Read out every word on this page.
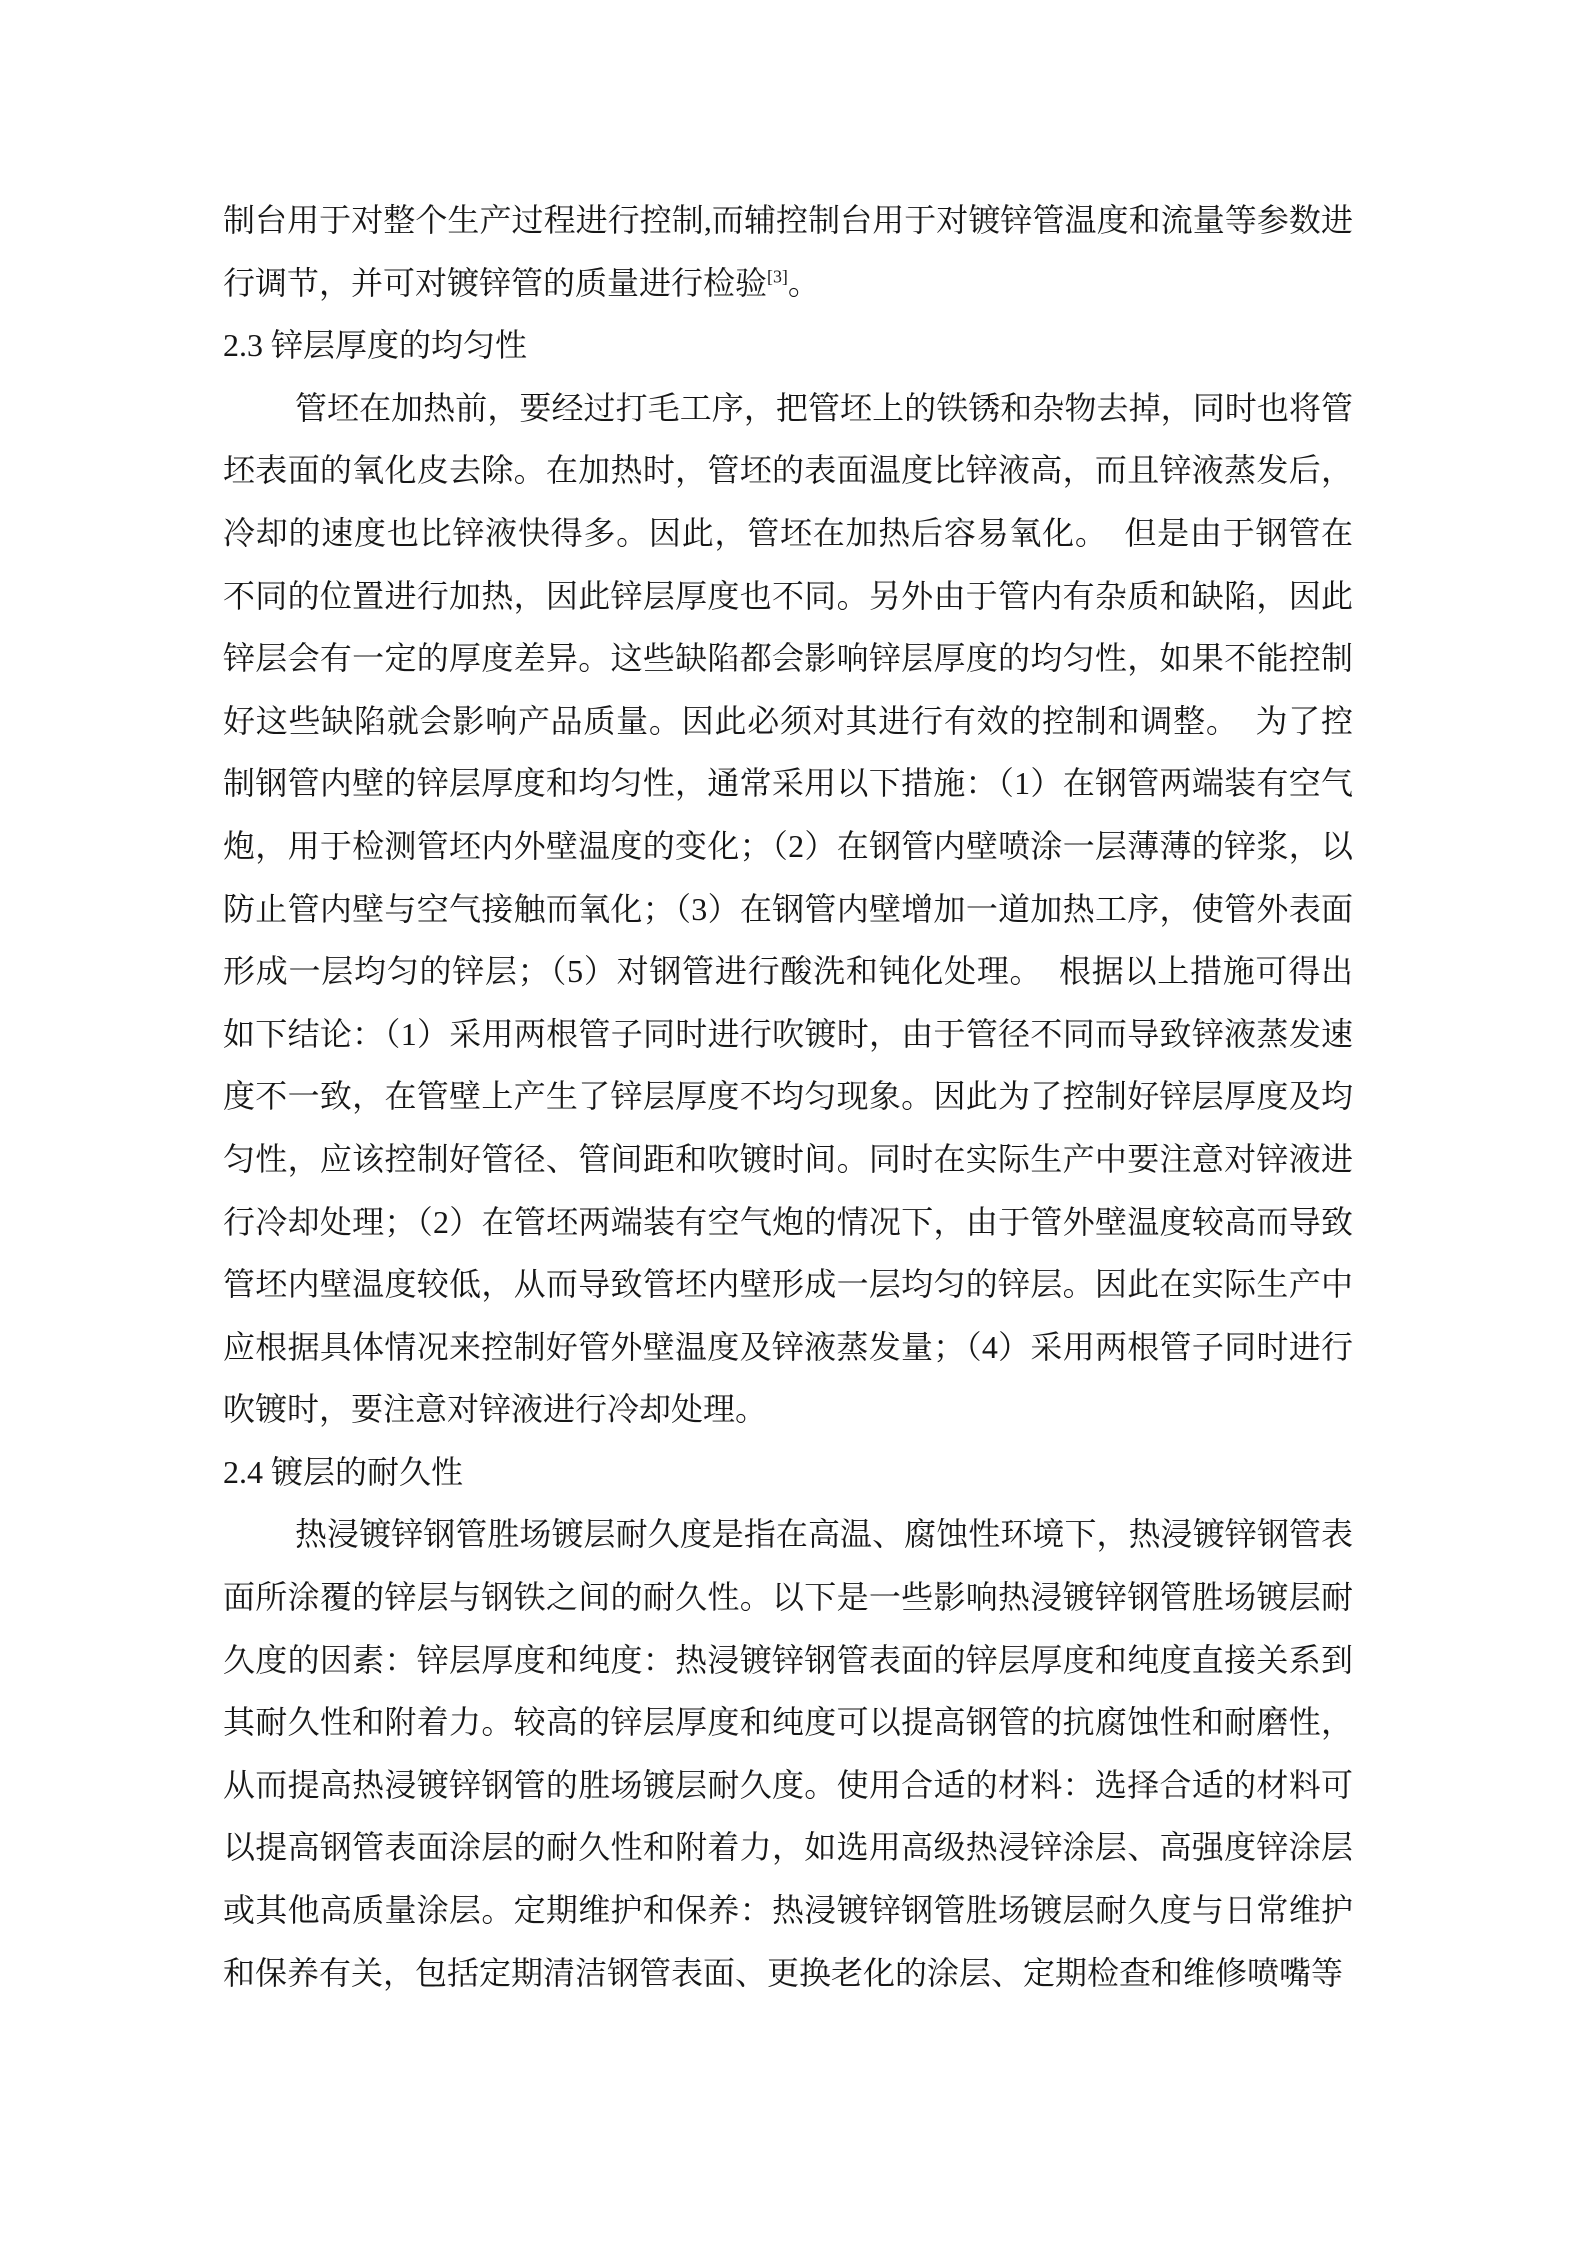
制台用于对整个生产过程进行控制,而辅控制台用于对镀锌管温度和流量等参数进行调节，并可对镀锌管的质量进行检验[3]。

2.3 锌层厚度的均匀性

管坯在加热前，要经过打毛工序，把管坯上的铁锈和杂物去掉，同时也将管坯表面的氧化皮去除。在加热时，管坯的表面温度比锌液高，而且锌液蒸发后，冷却的速度也比锌液快得多。因此，管坯在加热后容易氧化。　但是由于钢管在不同的位置进行加热，因此锌层厚度也不同。另外由于管内有杂质和缺陷，因此锌层会有一定的厚度差异。这些缺陷都会影响锌层厚度的均匀性，如果不能控制好这些缺陷就会影响产品质量。因此必须对其进行有效的控制和调整。　为了控制钢管内壁的锌层厚度和均匀性，通常采用以下措施：（1）在钢管两端装有空气炮，用于检测管坯内外壁温度的变化；（2）在钢管内壁喷涂一层薄薄的锌浆，以防止管内壁与空气接触而氧化；（3）在钢管内壁增加一道加热工序，使管外表面形成一层均匀的锌层；（5）对钢管进行酸洗和钝化处理。　根据以上措施可得出如下结论：（1）采用两根管子同时进行吹镀时，由于管径不同而导致锌液蒸发速度不一致，在管壁上产生了锌层厚度不均匀现象。因此为了控制好锌层厚度及均匀性，应该控制好管径、管间距和吹镀时间。同时在实际生产中要注意对锌液进行冷却处理；（2）在管坯两端装有空气炮的情况下，由于管外壁温度较高而导致管坯内壁温度较低，从而导致管坯内壁形成一层均匀的锌层。因此在实际生产中应根据具体情况来控制好管外壁温度及锌液蒸发量；（4）采用两根管子同时进行吹镀时，要注意对锌液进行冷却处理。

2.4 镀层的耐久性

热浸镀锌钢管胜场镀层耐久度是指在高温、腐蚀性环境下，热浸镀锌钢管表面所涂覆的锌层与钢铁之间的耐久性。以下是一些影响热浸镀锌钢管胜场镀层耐久度的因素：锌层厚度和纯度：热浸镀锌钢管表面的锌层厚度和纯度直接关系到其耐久性和附着力。较高的锌层厚度和纯度可以提高钢管的抗腐蚀性和耐磨性，从而提高热浸镀锌钢管的胜场镀层耐久度。使用合适的材料：选择合适的材料可以提高钢管表面涂层的耐久性和附着力，如选用高级热浸锌涂层、高强度锌涂层或其他高质量涂层。定期维护和保养：热浸镀锌钢管胜场镀层耐久度与日常维护和保养有关，包括定期清洁钢管表面、更换老化的涂层、定期检查和维修喷嘴等
